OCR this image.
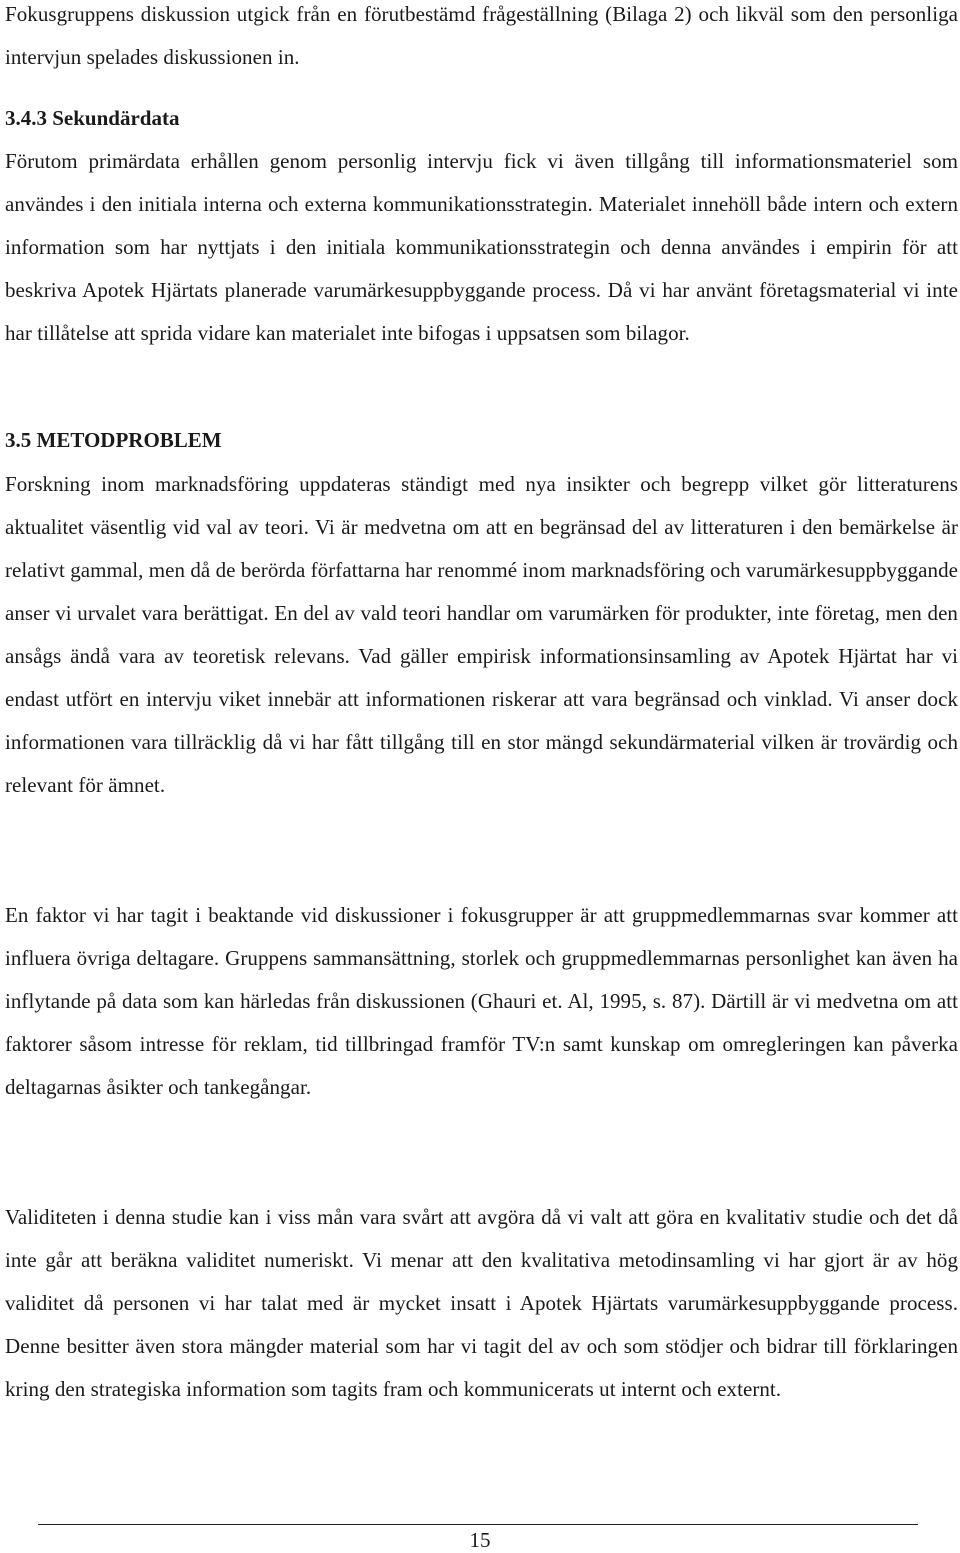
Fokusgruppens diskussion utgick från en förutbestämd frågeställning (Bilaga 2) och likväl som den personliga intervjun spelades diskussionen in.

3.4.3 Sekundärdata

Förutom primärdata erhållen genom personlig intervju fick vi även tillgång till informationsmateriel som användes i den initiala interna och externa kommunikationsstrategin. Materialet innehöll både intern och extern information som har nyttjats i den initiala kommunikationsstrategin och denna användes i empirin för att beskriva Apotek Hjärtats planerade varumärkesuppbyggande process. Då vi har använt företagsmaterial vi inte har tillåtelse att sprida vidare kan materialet inte bifogas i uppsatsen som bilagor.

3.5 METODPROBLEM

Forskning inom marknadsföring uppdateras ständigt med nya insikter och begrepp vilket gör litteraturens aktualitet väsentlig vid val av teori. Vi är medvetna om att en begränsad del av litteraturen i den bemärkelse är relativt gammal, men då de berörda författarna har renommé inom marknadsföring och varumärkesuppbyggande anser vi urvalet vara berättigat. En del av vald teori handlar om varumärken för produkter, inte företag, men den ansågs ändå vara av teoretisk relevans. Vad gäller empirisk informationsinsamling av Apotek Hjärtat har vi endast utfört en intervju viket innebär att informationen riskerar att vara begränsad och vinklad. Vi anser dock informationen vara tillräcklig då vi har fått tillgång till en stor mängd sekundärmaterial vilken är trovärdig och relevant för ämnet.

En faktor vi har tagit i beaktande vid diskussioner i fokusgrupper är att gruppmedlemmarnas svar kommer att influera övriga deltagare. Gruppens sammansättning, storlek och gruppmedlemmarnas personlighet kan även ha inflytande på data som kan härledas från diskussionen (Ghauri et. Al, 1995, s. 87). Därtill är vi medvetna om att faktorer såsom intresse för reklam, tid tillbringad framför TV:n samt kunskap om omregleringen kan påverka deltagarnas åsikter och tankegångar.

Validiteten i denna studie kan i viss mån vara svårt att avgöra då vi valt att göra en kvalitativ studie och det då inte går att beräkna validitet numeriskt. Vi menar att den kvalitativa metodinsamling vi har gjort är av hög validitet då personen vi har talat med är mycket insatt i Apotek Hjärtats varumärkesuppbyggande process. Denne besitter även stora mängder material som har vi tagit del av och som stödjer och bidrar till förklaringen kring den strategiska information som tagits fram och kommunicerats ut internt och externt.

15
